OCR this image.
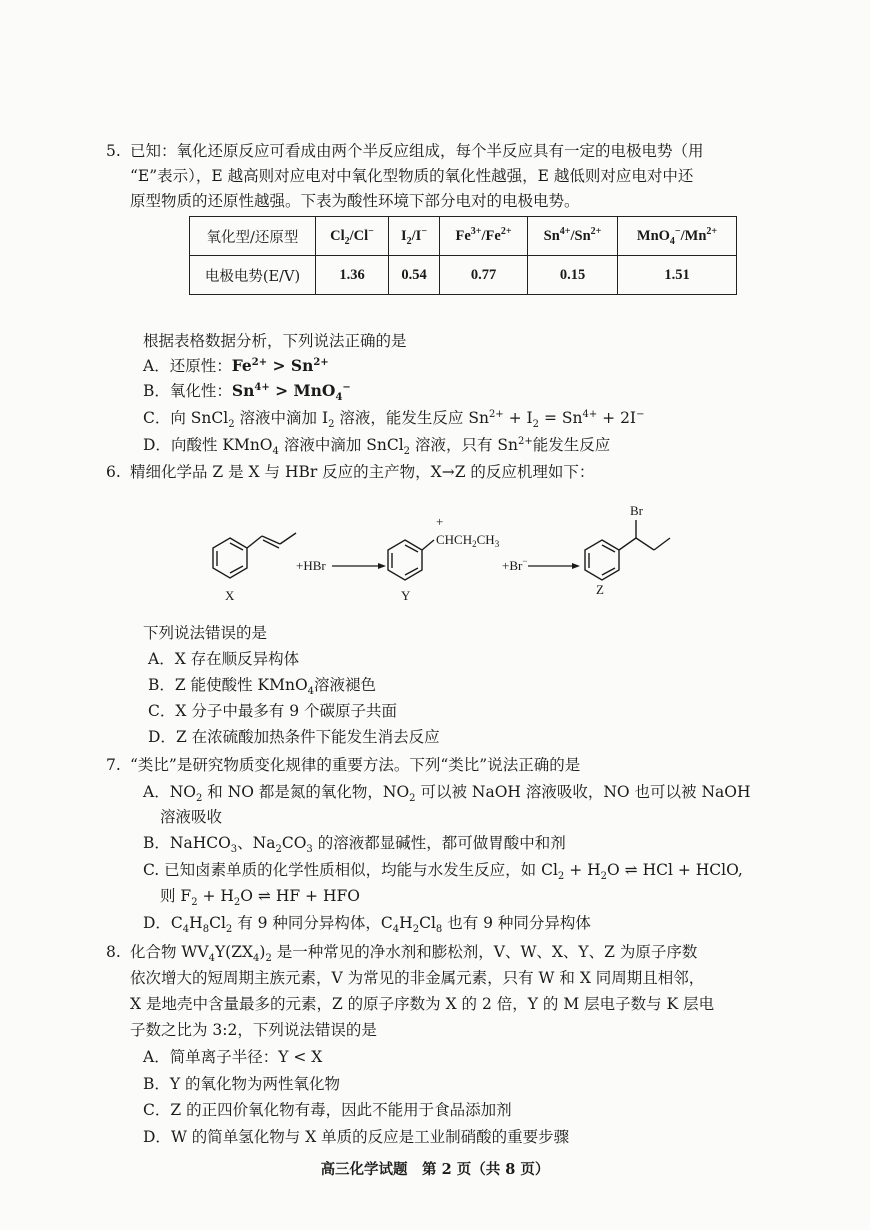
5. 已知：氧化还原反应可看成由两个半反应组成，每个半反应具有一定的电极电势（用
“E”表示），E 越高则对应电对中氧化型物质的氧化性越强，E 越低则对应电对中还
原型物质的还原性越强。下表为酸性环境下部分电对的电极电势。
氧化型/还原型	$Cl_2/Cl^-$	$I_2/I^-$	$Fe^{3+}/Fe^{2+}$	$Sn^{4+}/Sn^{2+}$	$MnO_4^-/Mn^{2+}$
电极电势(E/V)	1.36	0.54	0.77	0.15	1.51
根据表格数据分析，下列说法正确的是
A．还原性：$Fe^{2+} > Sn^{2+}$
B．氧化性：$Sn^{4+} > MnO_4^-$
C．向 SnCl$_2$ 溶液中滴加 $I_2$ 溶液，能发生反应 $Sn^{2+} + I_2 = Sn^{4+} + 2I^-$
D．向酸性 KMnO$_4$ 溶液中滴加 SnCl$_2$ 溶液，只有 $Sn^{2+}$能发生反应
6. 精细化学品 Z 是 X 与 HBr 反应的主产物，X→Z 的反应机理如下：
X
+HBr
+
$CHCH_2CH_3$
Y
+Br−
Br
Z
下列说法错误的是
A．X 存在顺反异构体
B．Z 能使酸性 KMnO$_4$溶液褪色
C．X 分子中最多有 9 个碳原子共面
D．Z 在浓硫酸加热条件下能发生消去反应
7. “类比”是研究物质变化规律的重要方法。下列“类比”说法正确的是
A．$NO_2$ 和 NO 都是氮的氧化物，$NO_2$ 可以被 NaOH 溶液吸收，NO 也可以被 NaOH
溶液吸收
B．NaHCO$_3$、$Na_2CO_3$ 的溶液都显碱性，都可做胃酸中和剂
C. 已知卤素单质的化学性质相似，均能与水发生反应，如 $Cl_2 + H_2O$ ⇌ HCl + HClO,
则 $F_2 + H_2O$ ⇌ HF + HFO
D．$C_4H_8Cl_2$ 有 9 种同分异构体，$C_4H_2Cl_8$ 也有 9 种同分异构体
8. 化合物 $WV_4Y(ZX_4)_2$ 是一种常见的净水剂和膨松剂，V、W、X、Y、Z 为原子序数
依次增大的短周期主族元素，V 为常见的非金属元素，只有 W 和 X 同周期且相邻，
X 是地壳中含量最多的元素，Z 的原子序数为 X 的 2 倍，Y 的 M 层电子数与 K 层电
子数之比为 3:2，下列说法错误的是
A．简单离子半径：Y < X
B．Y 的氧化物为两性氧化物
C．Z 的正四价氧化物有毒，因此不能用于食品添加剂
D．W 的简单氢化物与 X 单质的反应是工业制硝酸的重要步骤
高三化学试题　第 2 页（共 8 页）
